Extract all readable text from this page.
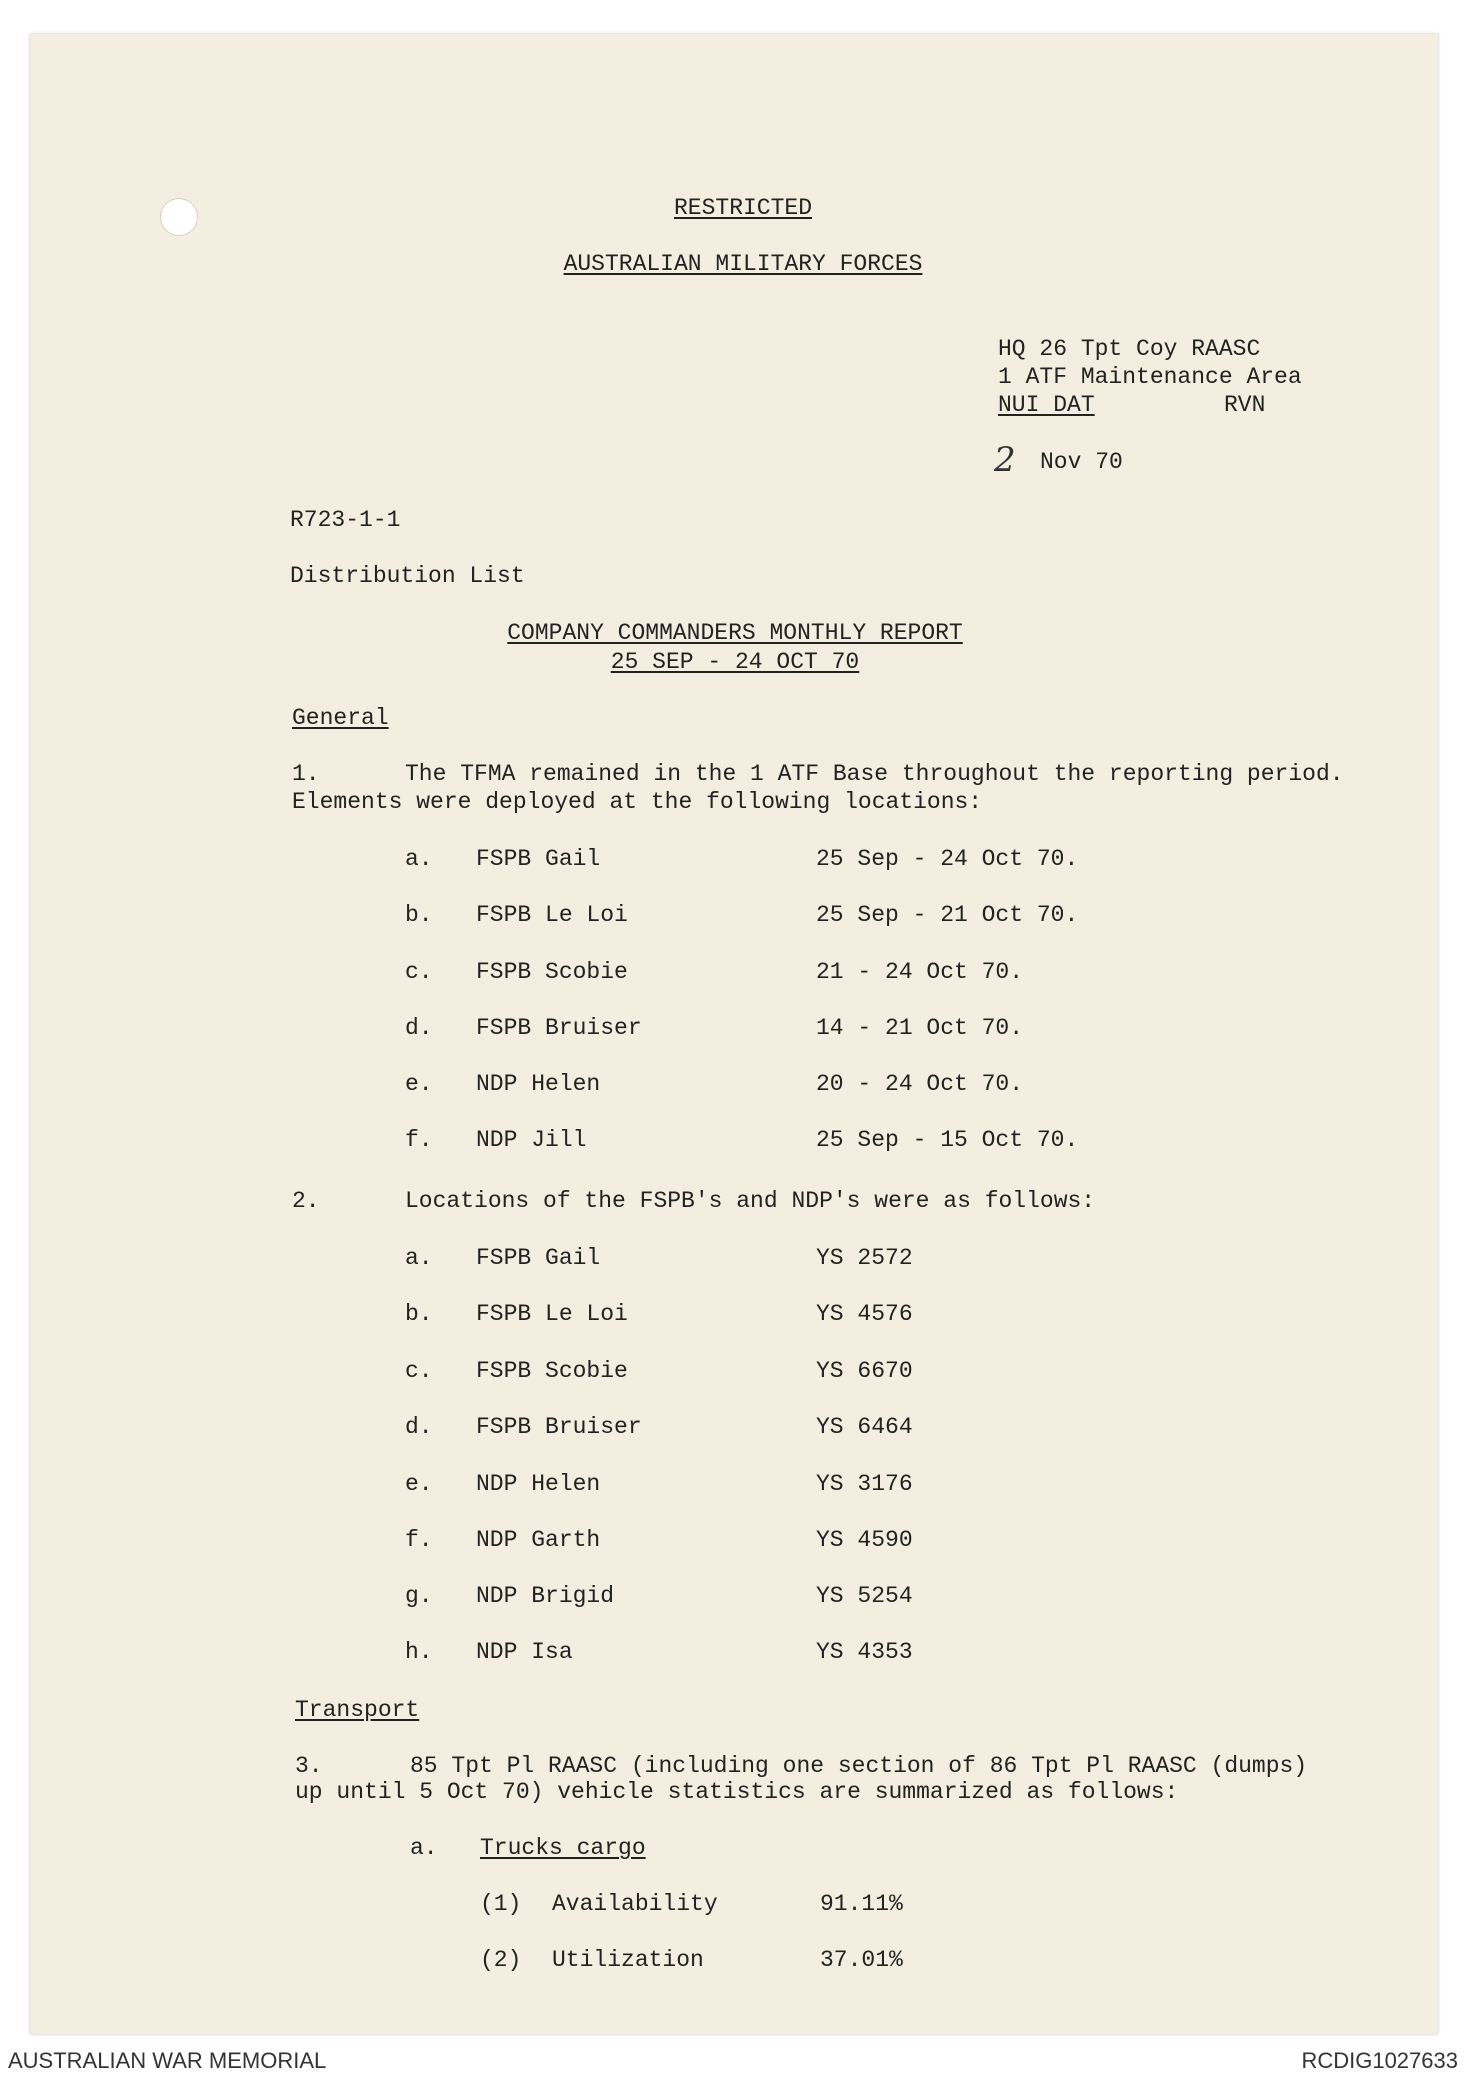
RESTRICTED
AUSTRALIAN MILITARY FORCES
HQ 26 Tpt Coy RAASC
1 ATF Maintenance Area
NUI DAT	RVN
2 Nov 70
R723-1-1
Distribution List
COMPANY COMMANDERS MONTHLY REPORT
25 SEP - 24 OCT 70
General
1.	The TFMA remained in the 1 ATF Base throughout the reporting period.
Elements were deployed at the following locations:
a. FSPB Gail	25 Sep - 24 Oct 70.
b. FSPB Le Loi	25 Sep - 21 Oct 70.
c. FSPB Scobie	21 - 24 Oct 70.
d. FSPB Bruiser	14 - 21 Oct 70.
e. NDP Helen	20 - 24 Oct 70.
f. NDP Jill	25 Sep - 15 Oct 70.
2.	Locations of the FSPB's and NDP's were as follows:
a. FSPB Gail	YS 2572
b. FSPB Le Loi	YS 4576
c. FSPB Scobie	YS 6670
d. FSPB Bruiser	YS 6464
e. NDP Helen	YS 3176
f. NDP Garth	YS 4590
g. NDP Brigid	YS 5254
h. NDP Isa	YS 4353
Transport
3.	85 Tpt Pl RAASC (including one section of 86 Tpt Pl RAASC (dumps)
up until 5 Oct 70) vehicle statistics are summarized as follows:
a. Trucks cargo
(1) Availability	91.11%
(2) Utilization	37.01%
AUSTRALIAN WAR MEMORIAL	RCDIG1027633
